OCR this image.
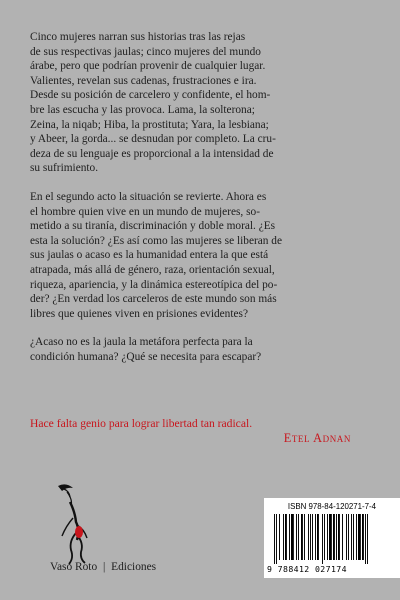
Cinco mujeres narran sus historias tras las rejas
de sus respectivas jaulas; cinco mujeres del mundo
árabe, pero que podrían provenir de cualquier lugar.
Valientes, revelan sus cadenas, frustraciones e ira.
Desde su posición de carcelero y confidente, el hom-
bre las escucha y las provoca. Lama, la solterona;
Zeina, la niqab; Hiba, la prostituta; Yara, la lesbiana;
y Abeer, la gorda... se desnudan por completo. La cru-
deza de su lenguaje es proporcional a la intensidad de
su sufrimiento.

En el segundo acto la situación se revierte. Ahora es
el hombre quien vive en un mundo de mujeres, so-
metido a su tiranía, discriminación y doble moral. ¿Es
esta la solución? ¿Es así como las mujeres se liberan de
sus jaulas o acaso es la humanidad entera la que está
atrapada, más allá de género, raza, orientación sexual,
riqueza, apariencia, y la dinámica estereotípica del po-
der? ¿En verdad los carceleros de este mundo son más
libres que quienes viven en prisiones evidentes?

¿Acaso no es la jaula la metáfora perfecta para la
condición humana? ¿Qué se necesita para escapar?

Hace falta genio para lograr libertad tan radical.
Etel Adnan
Vaso Roto | Ediciones
ISBN 978-84-120271-7-4
9 788412 027174
